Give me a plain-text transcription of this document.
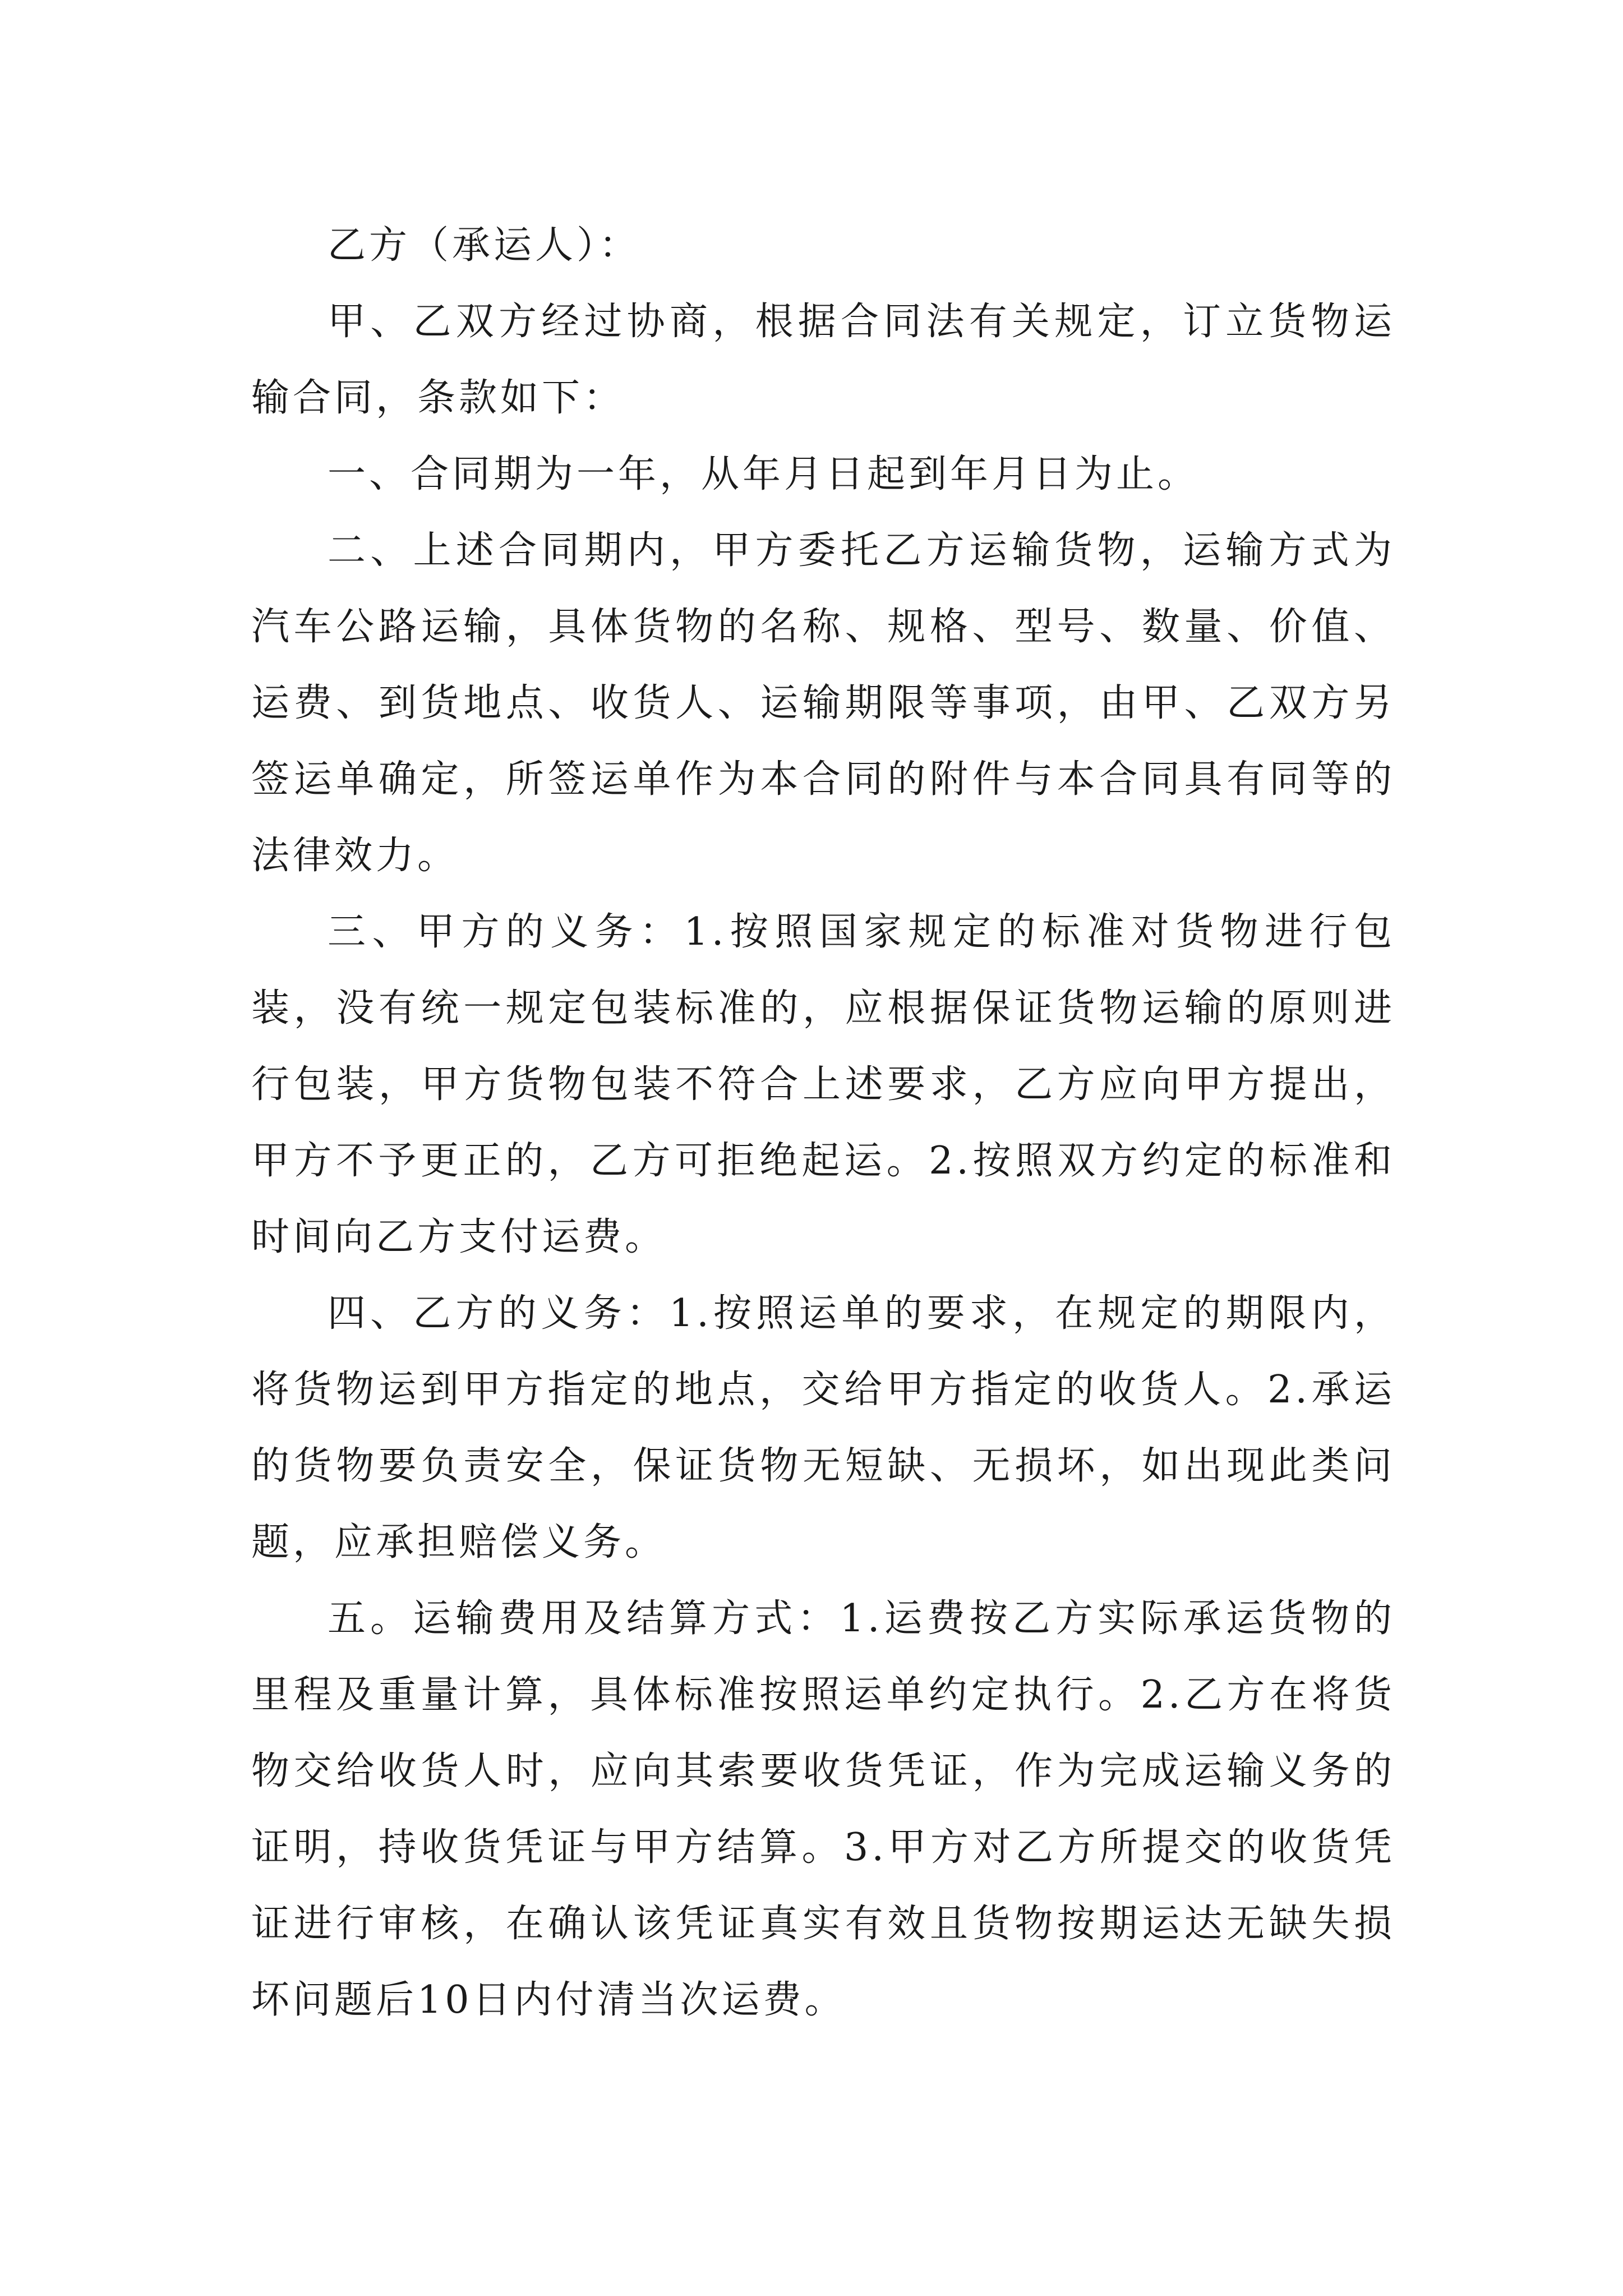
乙方（承运人）：

甲、乙双方经过协商，根据合同法有关规定，订立货物运输合同，条款如下：

一、合同期为一年，从年月日起到年月日为止。

二、上述合同期内，甲方委托乙方运输货物，运输方式为汽车公路运输，具体货物的名称、规格、型号、数量、价值、运费、到货地点、收货人、运输期限等事项，由甲、乙双方另签运单确定，所签运单作为本合同的附件与本合同具有同等的法律效力。

三、甲方的义务：1.按照国家规定的标准对货物进行包装，没有统一规定包装标准的，应根据保证货物运输的原则进行包装，甲方货物包装不符合上述要求，乙方应向甲方提出，甲方不予更正的，乙方可拒绝起运。2.按照双方约定的标准和时间向乙方支付运费。

四、乙方的义务：1.按照运单的要求，在规定的期限内，将货物运到甲方指定的地点，交给甲方指定的收货人。2.承运的货物要负责安全，保证货物无短缺、无损坏，如出现此类问题，应承担赔偿义务。

五。运输费用及结算方式：1.运费按乙方实际承运货物的里程及重量计算，具体标准按照运单约定执行。2.乙方在将货物交给收货人时，应向其索要收货凭证，作为完成运输义务的证明，持收货凭证与甲方结算。3.甲方对乙方所提交的收货凭证进行审核，在确认该凭证真实有效且货物按期运达无缺失损坏问题后10日内付清当次运费。
